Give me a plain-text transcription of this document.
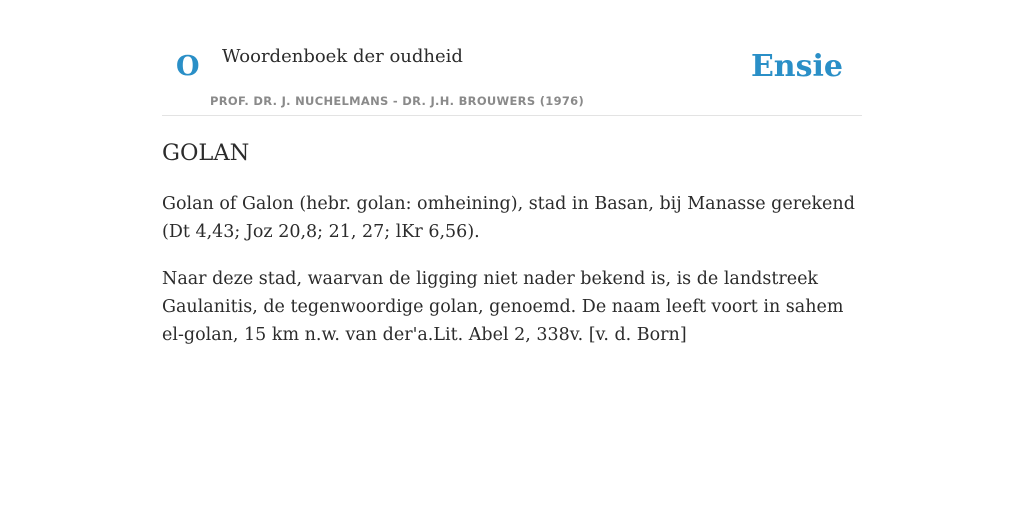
O Woordenboek der oudheid
PROF. DR. J. NUCHELMANS - DR. J.H. BROUWERS (1976)
Ensie
GOLAN

Golan of Galon (hebr. golan: omheining), stad in Basan, bij Manasse gerekend (Dt 4,43; Joz 20,8; 21, 27; lKr 6,56).

Naar deze stad, waarvan de ligging niet nader bekend is, is de landstreek Gaulanitis, de tegenwoordige golan, genoemd. De naam leeft voort in sahem el-golan, 15 km n.w. van der'a.Lit. Abel 2, 338v. [v. d. Born]
